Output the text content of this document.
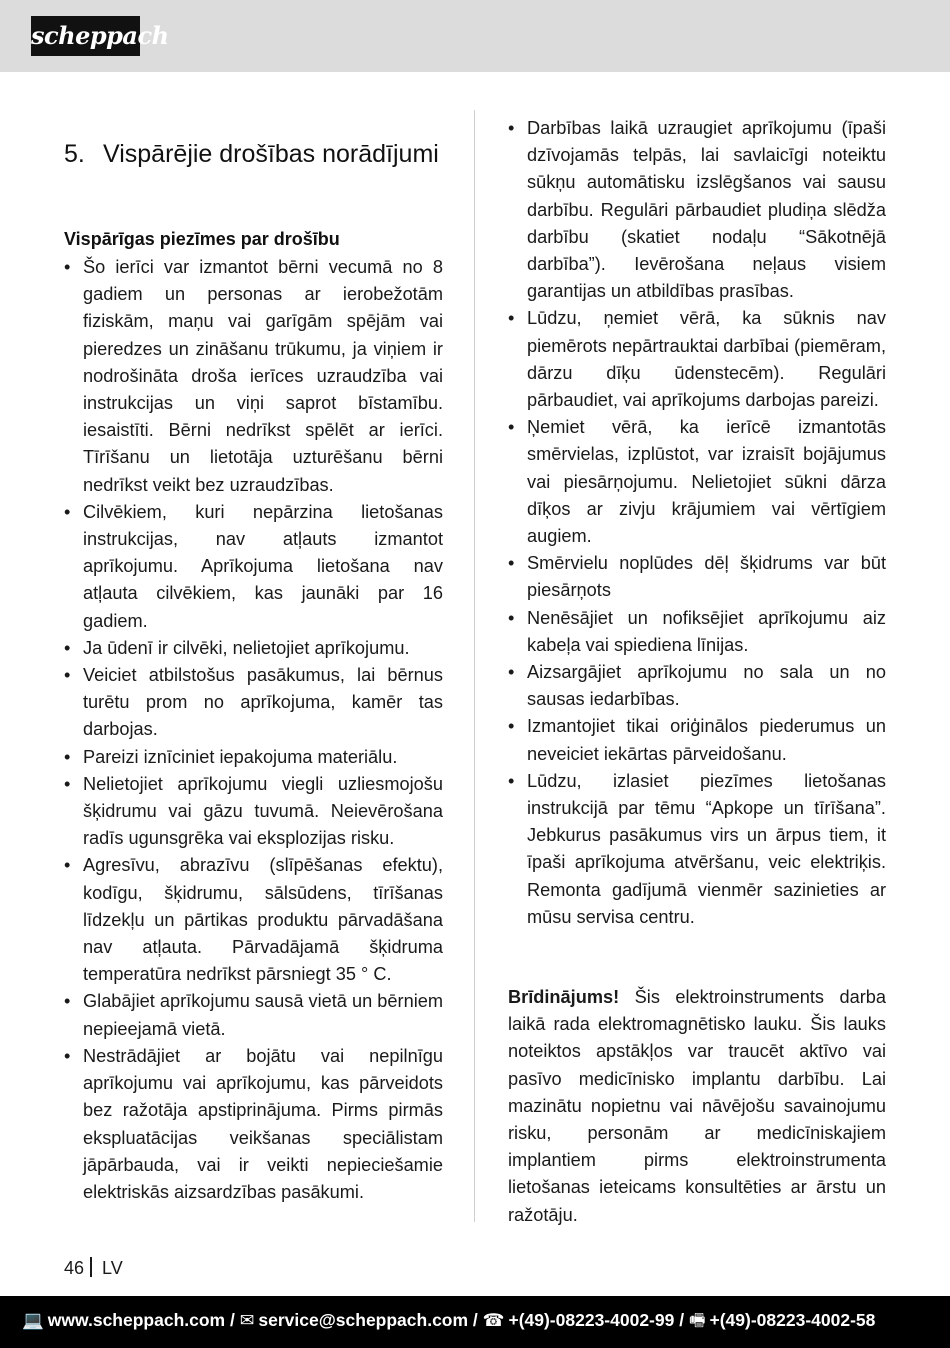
scheppach
5. Vispārējie drošības norādījumi
Vispārīgas piezīmes par drošību
• Šo ierīci var izmantot bērni vecumā no 8 gadiem un personas ar ierobežotām fiziskām, maņu vai garīgām spējām vai pieredzes un zināšanu trūkumu, ja viņiem ir nodrošināta droša ierīces uzraudzība vai instrukcijas un viņi saprot bīstamību. iesaistīti. Bērni nedrīkst spēlēt ar ierīci. Tīrīšanu un lietotāja uzturēšanu bērni nedrīkst veikt bez uzraudzības.
• Cilvēkiem, kuri nepārzina lietošanas instrukcijas, nav atļauts izmantot aprīkojumu. Aprīkojuma lietošana nav atļauta cilvēkiem, kas jaunāki par 16 gadiem.
• Ja ūdenī ir cilvēki, nelietojiet aprīkojumu.
• Veiciet atbilstošus pasākumus, lai bērnus turētu prom no aprīkojuma, kamēr tas darbojas.
• Pareizi iznīciniet iepakojuma materiālu.
• Nelietojiet aprīkojumu viegli uzliesmojošu šķidrumu vai gāzu tuvumā. Neievērošana radīs ugunsgrēka vai eksplozijas risku.
• Agresīvu, abrazīvu (slīpēšanas efektu), kodīgu, šķidrumu, sālsūdens, tīrīšanas līdzekļu un pārtikas produktu pārvadāšana nav atļauta. Pārvadājamā šķidruma temperatūra nedrīkst pārsniegt 35 ° C.
• Glabājiet aprīkojumu sausā vietā un bērniem nepieejamā vietā.
• Nestrādājiet ar bojātu vai nepilnīgu aprīkojumu vai aprīkojumu, kas pārveidots bez ražotāja apstiprinājuma. Pirms pirmās ekspluatācijas veikšanas speciālistam jāpārbauda, vai ir veikti nepieciešamie elektriskās aizsardzības pasākumi.
• Darbības laikā uzraugiet aprīkojumu (īpaši dzīvojamās telpās, lai savlaicīgi noteiktu sūkņu automātisku izslēgšanos vai sausu darbību. Regulāri pārbaudiet pludiņa slēdža darbību (skatiet nodaļu “Sākotnējā darbība”). Ievērošana neļaus visiem garantijas un atbildības prasības.
• Lūdzu, ņemiet vērā, ka sūknis nav piemērots nepārtrauktai darbībai (piemēram, dārzu dīķu ūdenstecēm). Regulāri pārbaudiet, vai aprīkojums darbojas pareizi.
• Ņemiet vērā, ka ierīcē izmantotās smērvielas, izplūstot, var izraisīt bojājumus vai piesārņojumu. Nelietojiet sūkni dārza dīķos ar zivju krājumiem vai vērtīgiem augiem.
• Smērvielu noplūdes dēļ šķidrums var būt piesārņots
• Nenēsājiet un nofiksējiet aprīkojumu aiz kabeļa vai spiediena līnijas.
• Aizsargājiet aprīkojumu no sala un no sausas iedarbības.
• Izmantojiet tikai oriģinālos piederumus un neveiciet iekārtas pārveidošanu.
• Lūdzu, izlasiet piezīmes lietošanas instrukcijā par tēmu “Apkope un tīrīšana”. Jebkurus pasākumus virs un ārpus tiem, it īpaši aprīkojuma atvēršanu, veic elektriķis. Remonta gadījumā vienmēr sazinieties ar mūsu servisa centru.

Brīdinājums! Šis elektroinstruments darba laikā rada elektromagnētisko lauku. Šis lauks noteiktos apstākļos var traucēt aktīvo vai pasīvo medicīnisko implantu darbību. Lai mazinātu nopietnu vai nāvējošu savainojumu risku, personām ar medicīniskajiem implantiem pirms elektroinstrumenta lietošanas ieteicams konsultēties ar ārstu un ražotāju.

46 LV
💻 www.scheppach.com / ✉ service@scheppach.com / ☎ +(49)-08223-4002-99 / 🖷 +(49)-08223-4002-58
